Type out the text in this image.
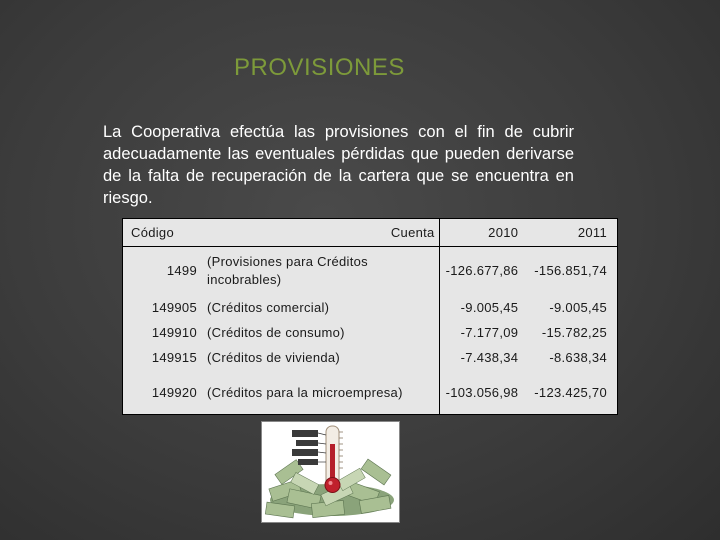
PROVISIONES
La Cooperativa efectúa las provisiones con el fin de cubrir adecuadamente las eventuales pérdidas que pueden derivarse de la falta de recuperación de la cartera que se encuentra en riesgo.
Código	Cuenta	2010	2011
1499	(Provisiones para Créditos incobrables)	-126.677,86	-156.851,74
149905	(Créditos comercial)	-9.005,45	-9.005,45
149910	(Créditos de consumo)	-7.177,09	-15.782,25
149915	(Créditos de vivienda)	-7.438,34	-8.638,34
149920	(Créditos para la microempresa)	-103.056,98	-123.425,70
